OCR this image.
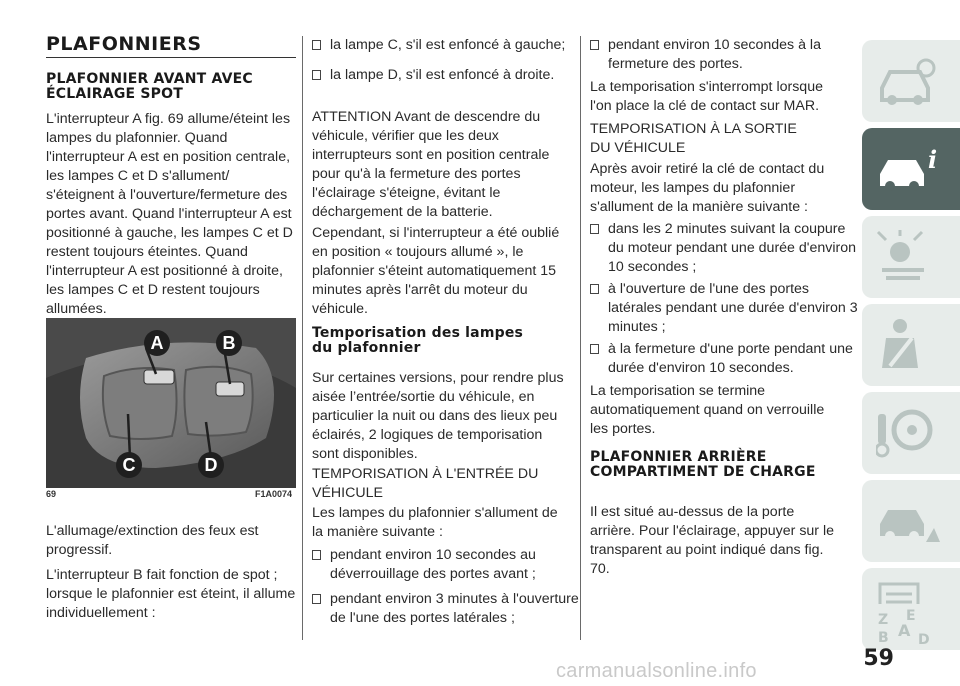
PLAFONNIERS
PLAFONNIER AVANT AVEC ÉCLAIRAGE SPOT

L'interrupteur A fig. 69 allume/éteint les lampes du plafonnier. Quand l'interrupteur A est en position centrale, les lampes C et D s'allument/ s'éteignent à l'ouverture/fermeture des portes avant. Quand l'interrupteur A est positionné à gauche, les lampes C et D restent toujours éteintes. Quand l'interrupteur A est positionné à droite, les lampes C et D restent toujours allumées.

A	B
C	D
69	F1A0074

L'allumage/extinction des feux est progressif.

L'interrupteur B fait fonction de spot ; lorsque le plafonnier est éteint, il allume individuellement :

la lampe C, s'il est enfoncé à gauche;

la lampe D, s'il est enfoncé à droite.

ATTENTION Avant de descendre du véhicule, vérifier que les deux interrupteurs sont en position centrale pour qu'à la fermeture des portes l'éclairage s'éteigne, évitant le déchargement de la batterie.

Cependant, si l'interrupteur a été oublié en position « toujours allumé », le plafonnier s'éteint automatiquement 15 minutes après l'arrêt du moteur du véhicule.

Temporisation des lampes du plafonnier

Sur certaines versions, pour rendre plus aisée l’entrée/sortie du véhicule, en particulier la nuit ou dans des lieux peu éclairés, 2 logiques de temporisation sont disponibles.

TEMPORISATION À L'ENTRÉE DU VÉHICULE

Les lampes du plafonnier s'allument de la manière suivante :

pendant environ 10 secondes au déverrouillage des portes avant ;

pendant environ 3 minutes à l'ouverture de l'une des portes latérales ;

pendant environ 10 secondes à la fermeture des portes.

La temporisation s'interrompt lorsque l'on place la clé de contact sur MAR.

TEMPORISATION À LA SORTIE DU VÉHICULE

Après avoir retiré la clé de contact du moteur, les lampes du plafonnier s'allument de la manière suivante :

dans les 2 minutes suivant la coupure du moteur pendant une durée d'environ 10 secondes ;

à l'ouverture de l'une des portes latérales pendant une durée d'environ 3 minutes ;

à la fermeture d'une porte pendant une durée d'environ 10 secondes.

La temporisation se termine automatiquement quand on verrouille les portes.

PLAFONNIER ARRIÈRE COMPARTIMENT DE CHARGE

Il est situé au-dessus de la porte arrière. Pour l'éclairage, appuyer sur le transparent au point indiqué dans fig. 70.

i
Z E
B A D
59
carmanualsonline.info
